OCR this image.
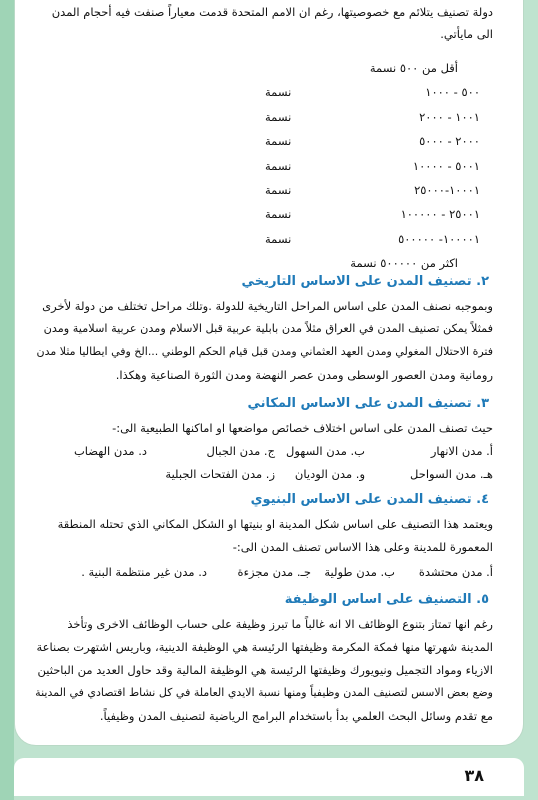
دولة تصنيف يتلائم مع خصوصيتها، رغم ان الامم المتحدة قدمت معياراً صنفت فيه أحجام المدن الى مايأتي.
أقل من ٥٠٠ نسمة
٥٠٠ - ١٠٠٠
نسمة
١٠٠١ - ٢٠٠٠
نسمة
٢٠٠٠ - ٥٠٠٠
نسمة
٥٠٠١ - ١٠٠٠٠
نسمة
١٠٠٠١-٢٥٠٠٠
نسمة
٢٥٠٠١ - ١٠٠٠٠٠
نسمة
١٠٠٠٠١- ٥٠٠٠٠٠
نسمة
اكثر من ٥٠٠٠٠٠ نسمة
٢. تصنيف المدن على الاساس التاريخي
وبموجبه نصنف المدن على اساس المراحل التاريخية للدولة .وتلك مراحل تختلف من دولة لأخرى
فمثلاً يمكن تصنيف المدن في العراق مثلاً مدن بابلية عربية قبل الاسلام ومدن عربية اسلامية ومدن
فترة الاحتلال المغولي ومدن العهد العثماني ومدن قبل قيام الحكم الوطني ...الخ وفي ايطاليا مثلا مدن
رومانية ومدن العصور الوسطى ومدن عصر النهضة ومدن الثورة الصناعية وهكذا.
٣. تصنيف المدن على الاساس المكاني
حيث تصنف المدن على اساس اختلاف خصائص مواضعها او اماكنها الطبيعية الى:-
أ. مدن الانهار
ب. مدن السهول
ج. مدن الجبال
د. مدن الهضاب
هـ. مدن السواحل
و. مدن الوديان
ز. مدن الفتحات الجبلية
٤. تصنيف المدن على الاساس البنيوي
ويعتمد هذا التصنيف على اساس شكل المدينة او بنيتها او الشكل المكاني الذي تحتله المنطقة
المعمورة للمدينة وعلى هذا الاساس تصنف المدن الى:-
أ. مدن محتشدة
ب. مدن طولية
جـ. مدن مجزءة
د. مدن غير منتظمة البنية .
٥. التصنيف على اساس الوظيفة
رغم انها تمتاز بتنوع الوظائف الا انه غالباً ما تبرز وظيفة على حساب الوظائف الاخرى وتأخذ
المدينة شهرتها منها فمكة المكرمة وظيفتها الرئيسة هي الوظيفة الدينية، وباريس اشتهرت بصناعة
الازياء ومواد التجميل ونيويورك وظيفتها الرئيسة هي الوظيفة المالية وقد حاول العديد من الباحثين
وضع بعض الاسس لتصنيف المدن وظيفياً ومنها نسبة الايدي العاملة في كل نشاط اقتصادي في المدينة
مع تقدم وسائل البحث العلمي بدأ باستخدام البرامج الرياضية لتصنيف المدن وظيفياً.
٣٨
